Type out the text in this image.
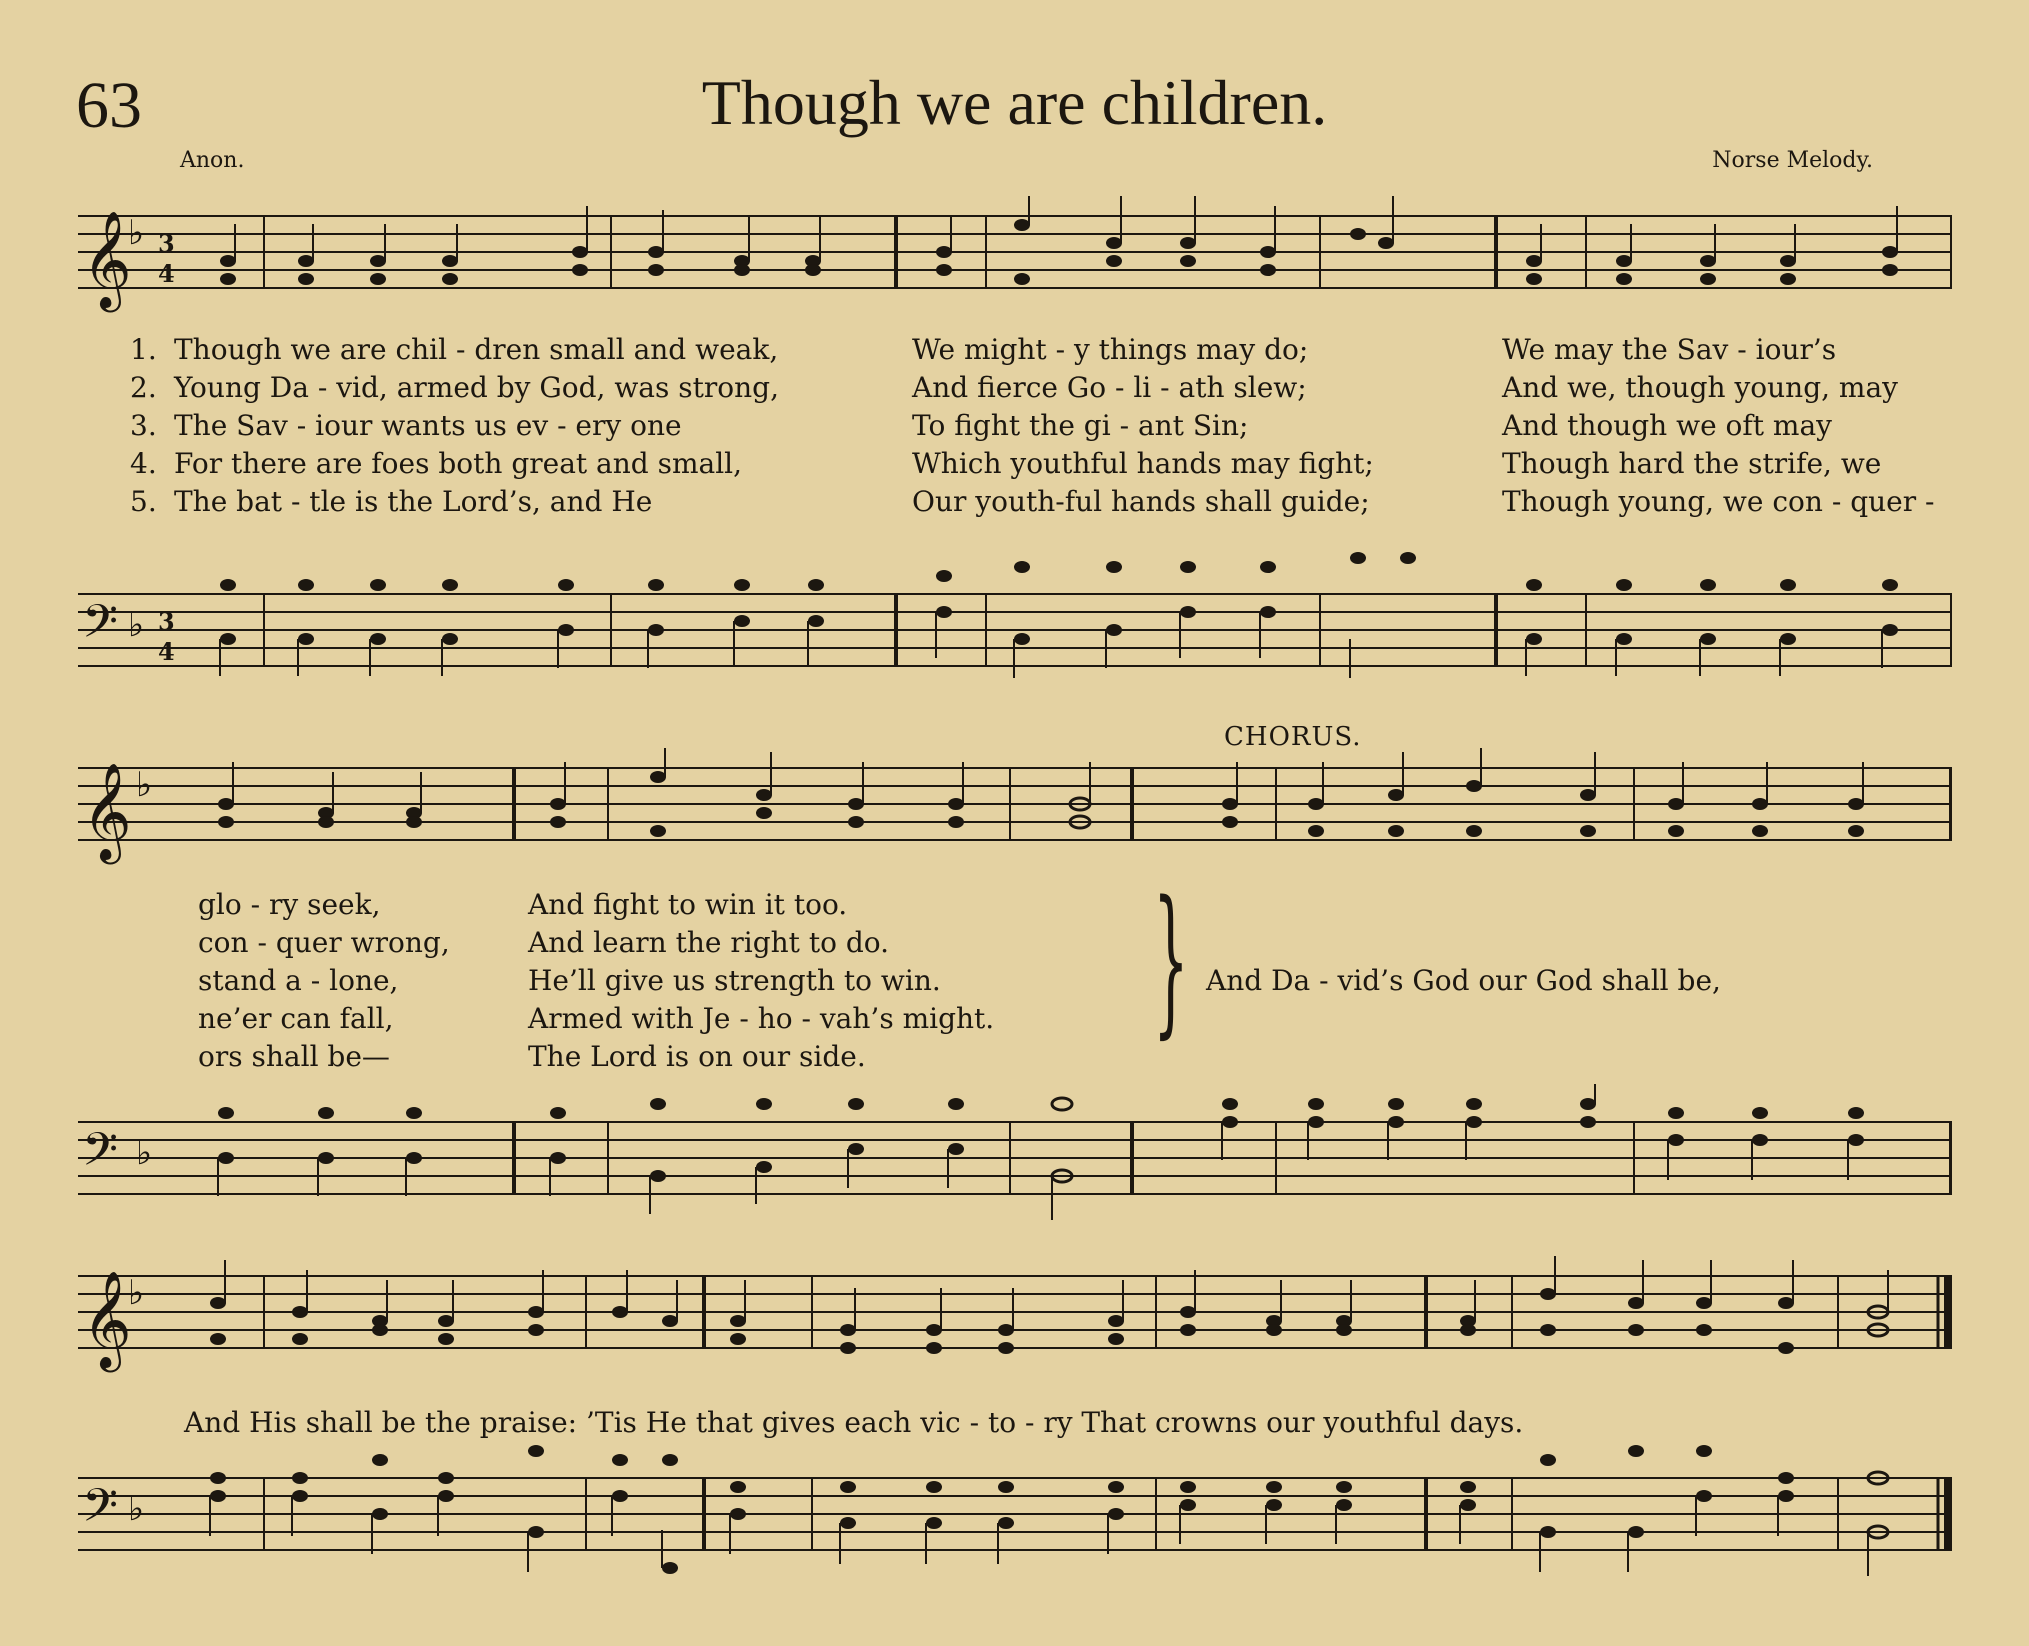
63	Though we are children.
Anon.	Norse Melody.
𝄞
♭ 3
4
1.
2.
3.
4.
5.
Though we are chil - dren small and weak,	We might - y things may do;	We may the Sav - iour’s
Young Da - vid, armed by God, was strong,	And fierce Go - li - ath slew;	And we, though young, may
The Sav - iour wants us ev - ery one	To fight the gi - ant Sin;	And though we oft may
For there are foes both great and small,	Which youthful hands may fight;	Though hard the strife, we
The bat - tle is the Lord’s, and He	Our youth-ful hands shall guide;	Though young, we con - quer -
𝄢 ♭ 3
4
CHORUS.
𝄞 ♭
glo - ry seek,	And fight to win it too.
con - quer wrong,	And learn the right to do.
stand a - lone,	He’ll give us strength to win.
ne’er can fall,	Armed with Je - ho - vah’s might.
ors shall be—	The Lord is on our side.
} And Da - vid’s God our God shall be,
𝄢 ♭
𝄞
♭
And His shall be the praise: ’Tis He that gives each vic - to - ry That crowns our youthful days.
𝄢 ♭
